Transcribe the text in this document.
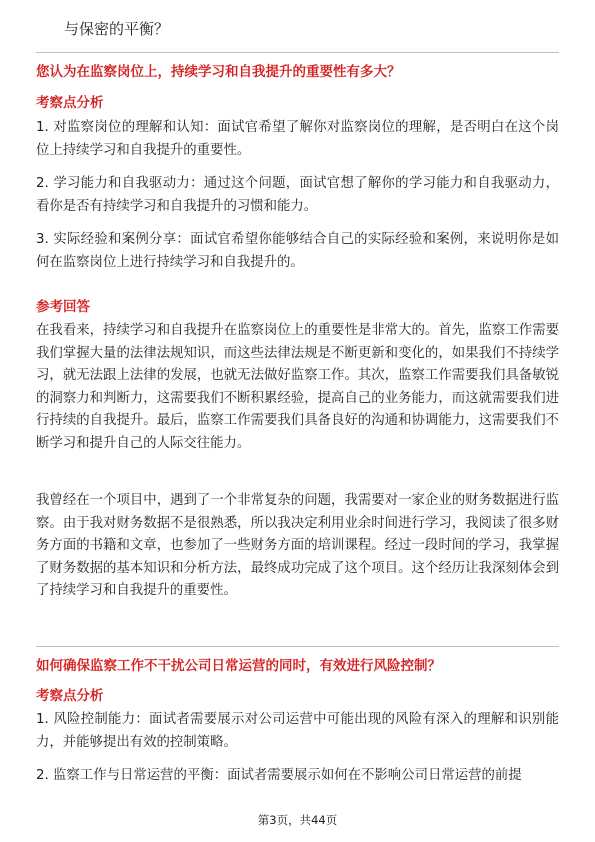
与保密的平衡？
您认为在监察岗位上，持续学习和自我提升的重要性有多大？
考察点分析
1. 对监察岗位的理解和认知：面试官希望了解你对监察岗位的理解，是否明白在这个岗位上持续学习和自我提升的重要性。
2. 学习能力和自我驱动力：通过这个问题，面试官想了解你的学习能力和自我驱动力，看你是否有持续学习和自我提升的习惯和能力。
3. 实际经验和案例分享：面试官希望你能够结合自己的实际经验和案例，来说明你是如何在监察岗位上进行持续学习和自我提升的。
参考回答
在我看来，持续学习和自我提升在监察岗位上的重要性是非常大的。首先，监察工作需要我们掌握大量的法律法规知识，而这些法律法规是不断更新和变化的，如果我们不持续学习，就无法跟上法律的发展，也就无法做好监察工作。其次，监察工作需要我们具备敏锐的洞察力和判断力，这需要我们不断积累经验，提高自己的业务能力，而这就需要我们进行持续的自我提升。最后，监察工作需要我们具备良好的沟通和协调能力，这需要我们不断学习和提升自己的人际交往能力。
我曾经在一个项目中，遇到了一个非常复杂的问题，我需要对一家企业的财务数据进行监察。由于我对财务数据不是很熟悉，所以我决定利用业余时间进行学习，我阅读了很多财务方面的书籍和文章，也参加了一些财务方面的培训课程。经过一段时间的学习，我掌握了财务数据的基本知识和分析方法，最终成功完成了这个项目。这个经历让我深刻体会到了持续学习和自我提升的重要性。
如何确保监察工作不干扰公司日常运营的同时，有效进行风险控制？
考察点分析
1. 风险控制能力：面试者需要展示对公司运营中可能出现的风险有深入的理解和识别能力，并能够提出有效的控制策略。
2. 监察工作与日常运营的平衡：面试者需要展示如何在不影响公司日常运营的前提
第3页，共44页
